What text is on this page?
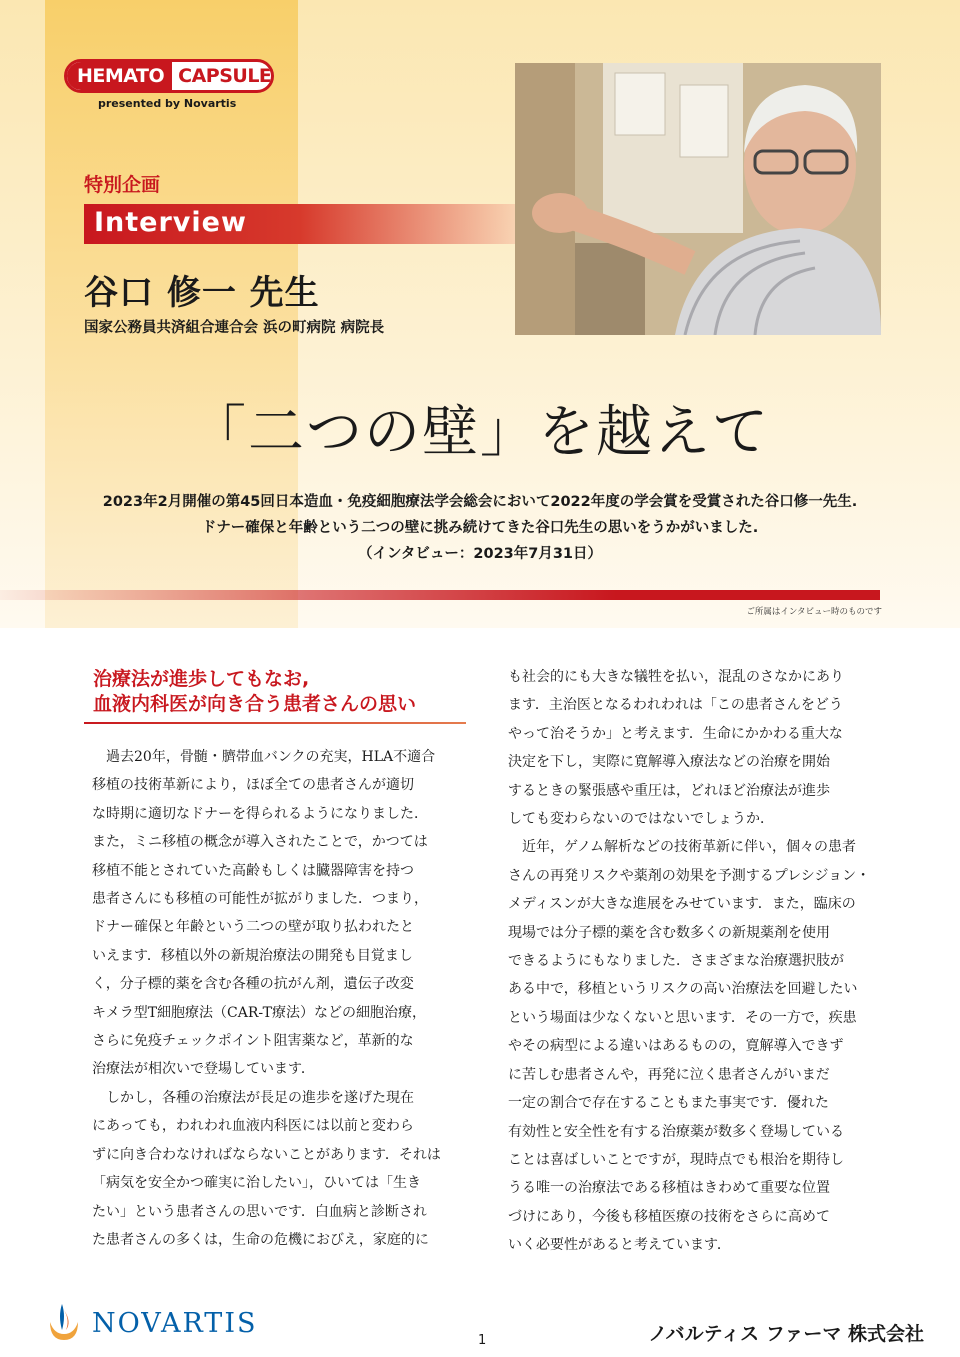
HEMATO CAPSULE
presented by Novartis
特別企画
Interview
谷口 修一 先生
国家公務員共済組合連合会 浜の町病院 病院長
「二つの壁」を越えて
2023年2月開催の第45回日本造血・免疫細胞療法学会総会において2022年度の学会賞を受賞された谷口修一先生.
ドナー確保と年齢という二つの壁に挑み続けてきた谷口先生の思いをうかがいました.
（インタビュー：2023年7月31日）
ご所属はインタビュー時のものです
治療法が進歩してもなお,
血液内科医が向き合う患者さんの思い
　過去20年，骨髄・臍帯血バンクの充実，HLA不適合
移植の技術革新により，ほぼ全ての患者さんが適切
な時期に適切なドナーを得られるようになりました．
また，ミニ移植の概念が導入されたことで，かつては
移植不能とされていた高齢もしくは臓器障害を持つ
患者さんにも移植の可能性が拡がりました．つまり，
ドナー確保と年齢という二つの壁が取り払われたと
いえます．移植以外の新規治療法の開発も目覚まし
く，分子標的薬を含む各種の抗がん剤，遺伝子改変
キメラ型T細胞療法（CAR-T療法）などの細胞治療，
さらに免疫チェックポイント阻害薬など，革新的な
治療法が相次いで登場しています．
　しかし，各種の治療法が長足の進歩を遂げた現在
にあっても，われわれ血液内科医には以前と変わら
ずに向き合わなければならないことがあります．それは
「病気を安全かつ確実に治したい」，ひいては「生き
たい」という患者さんの思いです．白血病と診断され
た患者さんの多くは，生命の危機におびえ，家庭的に
も社会的にも大きな犠牲を払い，混乱のさなかにあり
ます．主治医となるわれわれは「この患者さんをどう
やって治そうか」と考えます．生命にかかわる重大な
決定を下し，実際に寛解導入療法などの治療を開始
するときの緊張感や重圧は，どれほど治療法が進歩
しても変わらないのではないでしょうか．
　近年，ゲノム解析などの技術革新に伴い，個々の患者
さんの再発リスクや薬剤の効果を予測するプレシジョン・
メディスンが大きな進展をみせています．また，臨床の
現場では分子標的薬を含む数多くの新規薬剤を使用
できるようにもなりました．さまざまな治療選択肢が
ある中で，移植というリスクの高い治療法を回避したい
という場面は少なくないと思います．その一方で，疾患
やその病型による違いはあるものの，寛解導入できず
に苦しむ患者さんや，再発に泣く患者さんがいまだ
一定の割合で存在することもまた事実です．優れた
有効性と安全性を有する治療薬が数多く登場している
ことは喜ばしいことですが，現時点でも根治を期待し
うる唯一の治療法である移植はきわめて重要な位置
づけにあり，今後も移植医療の技術をさらに高めて
いく必要性があると考えています．
NOVARTIS
1	ノバルティス ファーマ 株式会社
